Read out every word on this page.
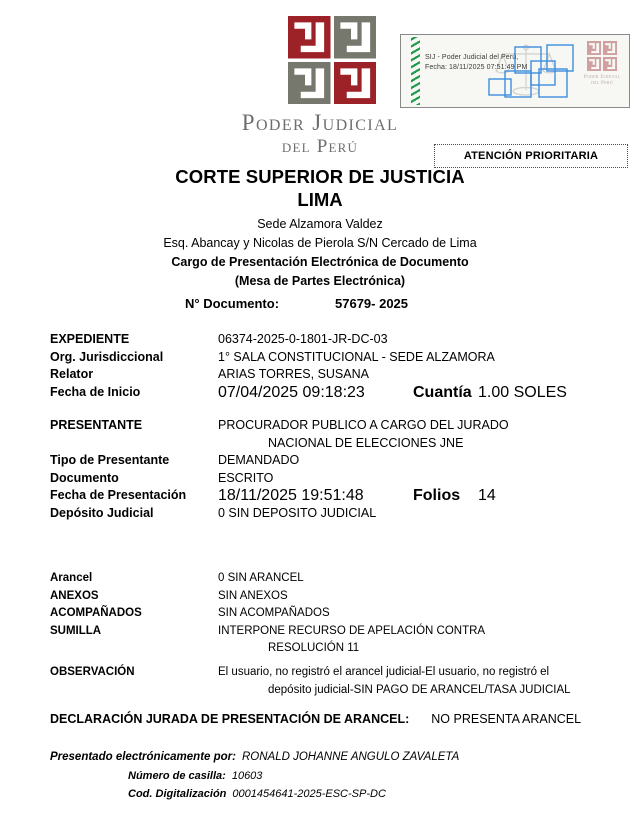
SIJ - Poder Judicial del Perú,
Fecha: 18/11/2025 07:51:49 PM
Poder Judicial
del Perú
Poder Judicial
del Perú	ATENCIÓN PRIORITARIA
CORTE SUPERIOR DE JUSTICIA
LIMA
Sede Alzamora Valdez
Esq. Abancay y Nicolas de Pierola S/N Cercado de Lima
Cargo de Presentación Electrónica de Documento
(Mesa de Partes Electrónica)
N° Documento:	57679- 2025
EXPEDIENTE	06374-2025-0-1801-JR-DC-03
Org. Jurisdiccional	1° SALA CONSTITUCIONAL - SEDE ALZAMORA
Relator	ARIAS TORRES, SUSANA
Fecha de Inicio	07/04/2025 09:18:23	Cuantía 1.00 SOLES
PRESENTANTE	PROCURADOR PUBLICO A CARGO DEL JURADO
NACIONAL DE ELECCIONES JNE
Tipo de Presentante	DEMANDADO
Documento	ESCRITO
Fecha de Presentación	18/11/2025 19:51:48	Folios	14
Depósito Judicial	0 SIN DEPOSITO JUDICIAL
Arancel	0 SIN ARANCEL
ANEXOS	SIN ANEXOS
ACOMPAÑADOS	SIN ACOMPAÑADOS
SUMILLA	INTERPONE RECURSO DE APELACIÓN CONTRA
RESOLUCIÓN 11
OBSERVACIÓN	El usuario, no registró el arancel judicial-El usuario, no registró el
depósito judicial-SIN PAGO DE ARANCEL/TASA JUDICIAL
DECLARACIÓN JURADA DE PRESENTACIÓN DE ARANCEL: NO PRESENTA ARANCEL
Presentado electrónicamente por: RONALD JOHANNE ANGULO ZAVALETA
Número de casilla: 10603
Cod. Digitalización 0001454641-2025-ESC-SP-DC
